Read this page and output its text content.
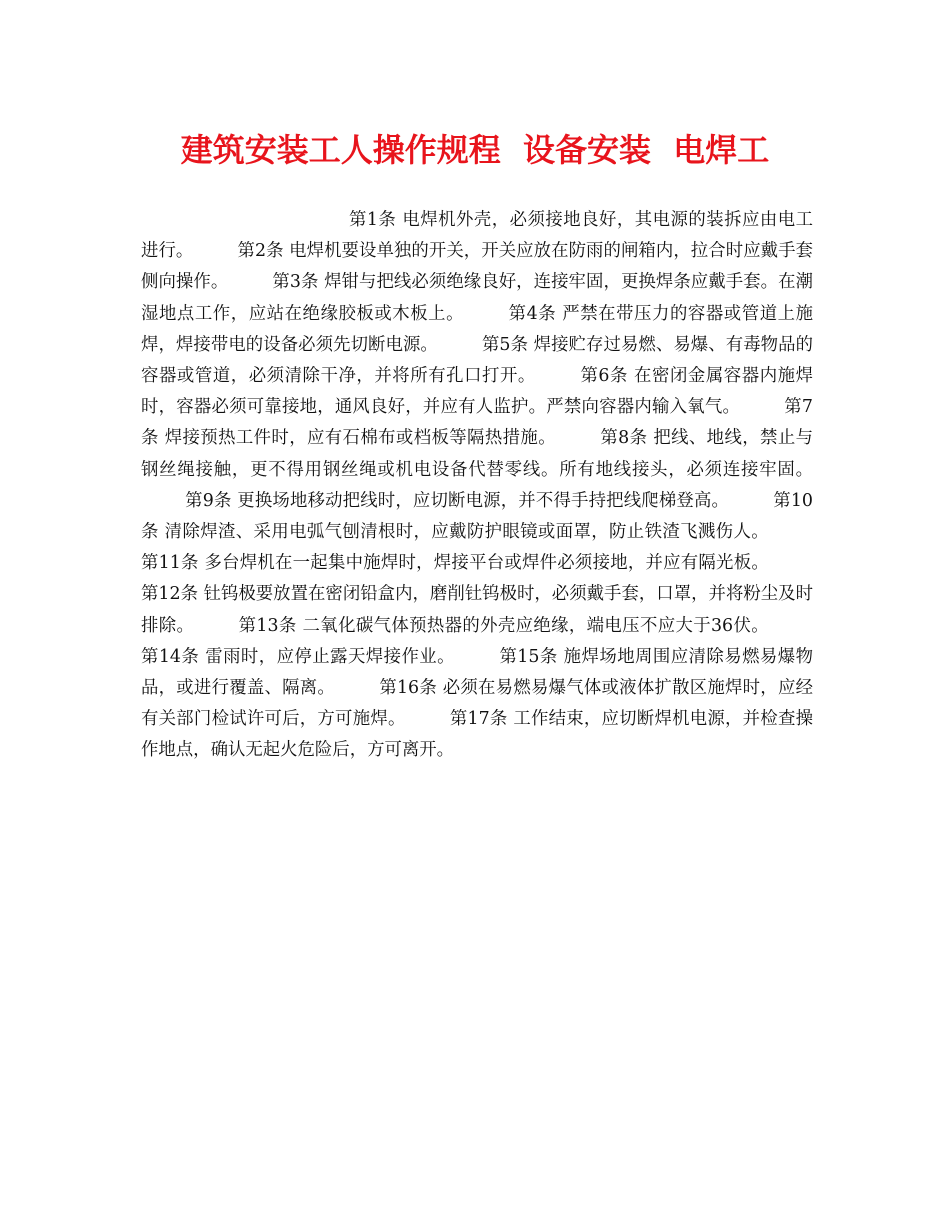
建筑安装工人操作规程  设备安装  电焊工

第1条 电焊机外壳，必须接地良好，其电源的装拆应由电工进行。	第2条 电焊机要设单独的开关，开关应放在防雨的闸箱内，拉合时应戴手套侧向操作。	第3条 焊钳与把线必须绝缘良好，连接牢固，更换焊条应戴手套。在潮湿地点工作，应站在绝缘胶板或木板上。	第4条 严禁在带压力的容器或管道上施焊，焊接带电的设备必须先切断电源。	第5条 焊接贮存过易燃、易爆、有毒物品的容器或管道，必须清除干净，并将所有孔口打开。	第6条 在密闭金属容器内施焊时，容器必须可靠接地，通风良好，并应有人监护。严禁向容器内输入氧气。	第7条 焊接预热工件时，应有石棉布或档板等隔热措施。	第8条 把线、地线，禁止与钢丝绳接触，更不得用钢丝绳或机电设备代替零线。所有地线接头，必须连接牢固。第9条 更换场地移动把线时，应切断电源，并不得手持把线爬梯登高。	第10条 清除焊渣、采用电弧气刨清根时，应戴防护眼镜或面罩，防止铁渣飞溅伤人。第11条 多台焊机在一起集中施焊时，焊接平台或焊件必须接地，并应有隔光板。第12条 钍钨极要放置在密闭铅盒内，磨削钍钨极时，必须戴手套，口罩，并将粉尘及时排除。	第13条 二氧化碳气体预热器的外壳应绝缘，端电压不应大于36伏。第14条 雷雨时，应停止露天焊接作业。	第15条 施焊场地周围应清除易燃易爆物品，或进行覆盖、隔离。	第16条 必须在易燃易爆气体或液体扩散区施焊时，应经有关部门检试许可后，方可施焊。	第17条 工作结束，应切断焊机电源，并检查操作地点，确认无起火危险后，方可离开。
